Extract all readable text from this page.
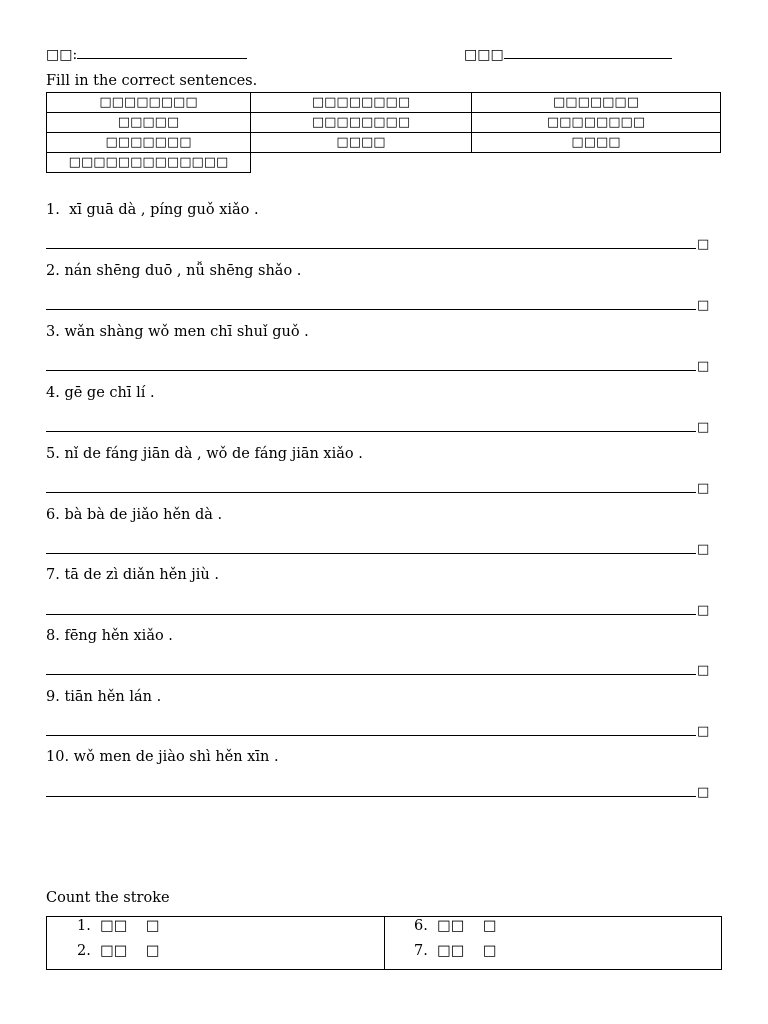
□□:	□□□
Fill in the correct sentences.
□□□□□□□□	□□□□□□□□	□□□□□□□
□□□□□	□□□□□□□□	□□□□□□□□
□□□□□□□	□□□□	□□□□
□□□□□□□□□□□□□		
1. xī guā dà , píng guǒ xiǎo .
□
2. nán shēng duō , nǚ shēng shǎo .
□
3. wǎn shàng wǒ men chī shuǐ guǒ .
□
4. gē ge chī lí .
□
5. nǐ de fáng jiān dà , wǒ de fáng jiān xiǎo .
□
6. bà bà de jiǎo hěn dà .
□
7. tā de zì diǎn hěn jiù .
□
8. fēng hěn xiǎo .
□
9. tiān hěn lán .
□
10. wǒ men de jiào shì hěn xīn .
□
Count the stroke
1. □□ □
2. □□ □
6. □□ □
7. □□ □
